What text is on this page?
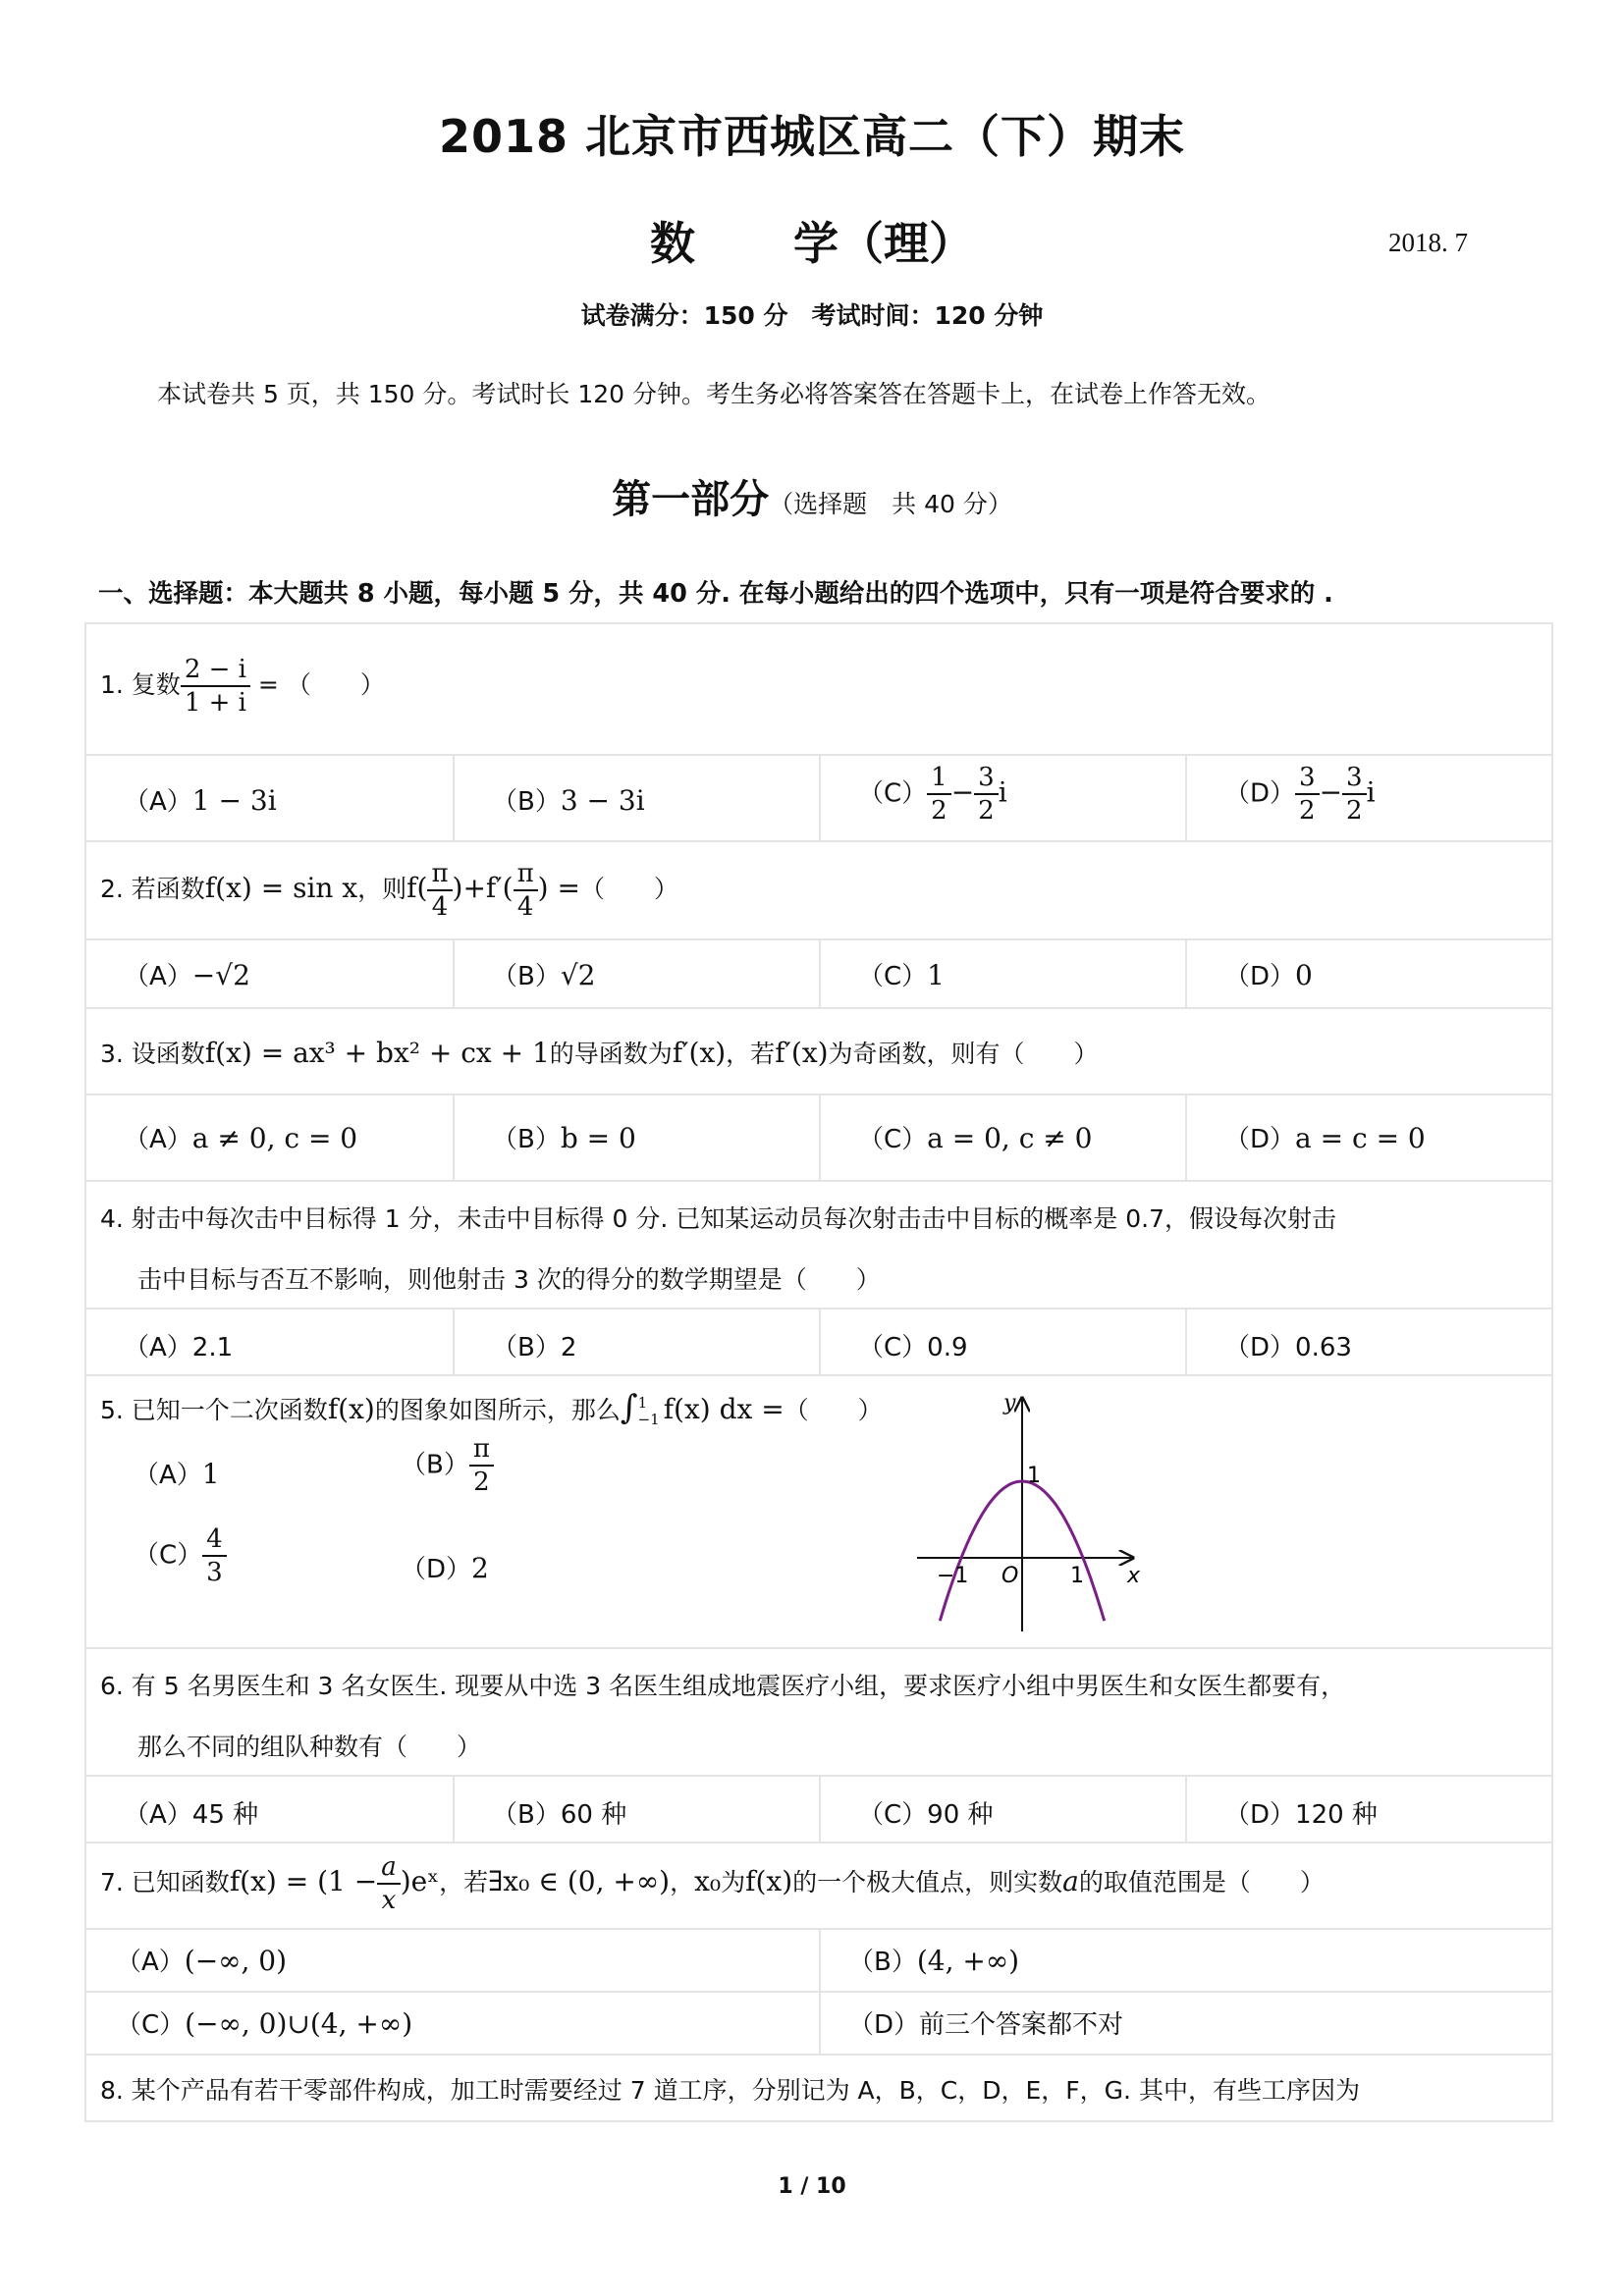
2018 北京市西城区高二（下）期末
数 学（理）	2018. 7
试卷满分：150 分 考试时间：120 分钟
本试卷共 5 页，共 150 分。考试时长 120 分钟。考生务必将答案答在答题卡上，在试卷上作答无效。
第一部分（选择题　共 40 分）
一、选择题：本大题共 8 小题，每小题 5 分，共 40 分. 在每小题给出的四个选项中，只有一项是符合要求的 .
1. 复数 $\frac{2 - i}{1 + i}$ = （　　）
（A）1 − 3i	（B）3 − 3i	$(C) \frac{1}{2} - \frac{3}{2}$ i	$(D) \frac{3}{2} - \frac{3}{2}$ i
2. 若函数f(x) = sin x，则$f( \frac{\pi}{4} )+f'( \frac{\pi}{4}$ ) =（　　）
（A）−√2	（B）√2	（C）1	（D）0
3. 设函数f(x) = ax³ + bx² + cx + 1的导函数为f′(x)，若f′(x)为奇函数，则有（　　）
（A）a ≠ 0, c = 0	（B）b = 0	（C）a = 0, c ≠ 0	（D）a = c = 0
4. 射击中每次击中目标得 1 分，未击中目标得 0 分. 已知某运动员每次射击击中目标的概率是 0.7，假设每次射击
击中目标与否互不影响，则他射击 3 次的得分的数学期望是（　　）
（A）2.1	（B）2	（C）0.9	（D）0.63
5. 已知一个二次函数f(x)的图象如图所示，那么∫ 1
−1 f(x) dx =（　　）
（A）1	$(B) \frac{\pi}{2}$
$(C) \frac{4}{3}$	（D）2
y
x
O
1
−1	1
6. 有 5 名男医生和 3 名女医生. 现要从中选 3 名医生组成地震医疗小组，要求医疗小组中男医生和女医生都要有，
那么不同的组队种数有（　　）
（A）45 种	（B）60 种	（C）90 种	（D）120 种
7. 已知函数$f(x) = (1 - \frac{a}{x}$ )eˣ，若∃x₀ ∈ (0, +∞)，x₀为f(x)的一个极大值点，则实数a的取值范围是（　　）
（A）(−∞, 0)	（B）(4, +∞)
（C）(−∞, 0)∪(4, +∞)	（D）前三个答案都不对
8. 某个产品有若干零部件构成，加工时需要经过 7 道工序，分别记为 A，B，C，D，E，F，G. 其中，有些工序因为
1 / 10
